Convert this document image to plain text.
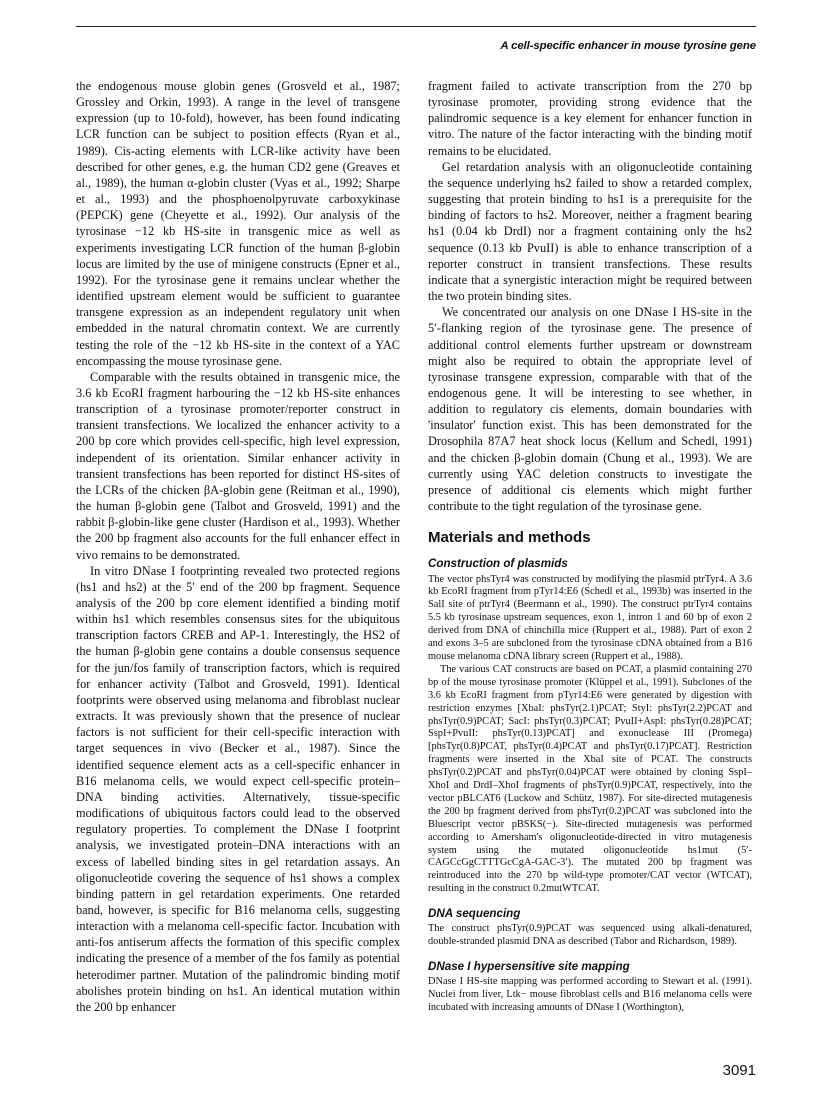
A cell-specific enhancer in mouse tyrosine gene

the endogenous mouse globin genes (Grosveld et al., 1987; Grossley and Orkin, 1993). A range in the level of transgene expression (up to 10-fold), however, has been found indicating LCR function can be subject to position effects (Ryan et al., 1989). Cis-acting elements with LCR-like activity have been described for other genes, e.g. the human CD2 gene (Greaves et al., 1989), the human α-globin cluster (Vyas et al., 1992; Sharpe et al., 1993) and the phosphoenolpyruvate carboxykinase (PEPCK) gene (Cheyette et al., 1992). Our analysis of the tyrosinase −12 kb HS-site in transgenic mice as well as experiments investigating LCR function of the human β-globin locus are limited by the use of minigene constructs (Epner et al., 1992). For the tyrosinase gene it remains unclear whether the identified upstream element would be sufficient to guarantee transgene expression as an independent regulatory unit when embedded in the natural chromatin context. We are currently testing the role of the −12 kb HS-site in the context of a YAC encompassing the mouse tyrosinase gene.

Comparable with the results obtained in transgenic mice, the 3.6 kb EcoRI fragment harbouring the −12 kb HS-site enhances transcription of a tyrosinase promoter/reporter construct in transient transfections. We localized the enhancer activity to a 200 bp core which provides cell-specific, high level expression, independent of its orientation. Similar enhancer activity in transient transfections has been reported for distinct HS-sites of the LCRs of the chicken βA-globin gene (Reitman et al., 1990), the human β-globin gene (Talbot and Grosveld, 1991) and the rabbit β-globin-like gene cluster (Hardison et al., 1993). Whether the 200 bp fragment also accounts for the full enhancer effect in vivo remains to be demonstrated.

In vitro DNase I footprinting revealed two protected regions (hs1 and hs2) at the 5′ end of the 200 bp fragment. Sequence analysis of the 200 bp core element identified a binding motif within hs1 which resembles consensus sites for the ubiquitous transcription factors CREB and AP-1. Interestingly, the HS2 of the human β-globin gene contains a double consensus sequence for the jun/fos family of transcription factors, which is required for enhancer activity (Talbot and Grosveld, 1991). Identical footprints were observed using melanoma and fibroblast nuclear extracts. It was previously shown that the presence of nuclear factors is not sufficient for their cell-specific interaction with target sequences in vivo (Becker et al., 1987). Since the identified sequence element acts as a cell-specific enhancer in B16 melanoma cells, we would expect cell-specific protein–DNA binding activities. Alternatively, tissue-specific modifications of ubiquitous factors could lead to the observed regulatory properties. To complement the DNase I footprint analysis, we investigated protein–DNA interactions with an excess of labelled binding sites in gel retardation assays. An oligonucleotide covering the sequence of hs1 shows a complex binding pattern in gel retardation experiments. One retarded band, however, is specific for B16 melanoma cells, suggesting interaction with a melanoma cell-specific factor. Incubation with anti-fos antiserum affects the formation of this specific complex indicating the presence of a member of the fos family as potential heterodimer partner. Mutation of the palindromic binding motif abolishes protein binding on hs1. An identical mutation within the 200 bp enhancer

fragment failed to activate transcription from the 270 bp tyrosinase promoter, providing strong evidence that the palindromic sequence is a key element for enhancer function in vitro. The nature of the factor interacting with the binding motif remains to be elucidated.

Gel retardation analysis with an oligonucleotide containing the sequence underlying hs2 failed to show a retarded complex, suggesting that protein binding to hs1 is a prerequisite for the binding of factors to hs2. Moreover, neither a fragment bearing hs1 (0.04 kb DrdI) nor a fragment containing only the hs2 sequence (0.13 kb PvuII) is able to enhance transcription of a reporter construct in transient transfections. These results indicate that a synergistic interaction might be required between the two protein binding sites.

We concentrated our analysis on one DNase I HS-site in the 5′-flanking region of the tyrosinase gene. The presence of additional control elements further upstream or downstream might also be required to obtain the appropriate level of tyrosinase transgene expression, comparable with that of the endogenous gene. It will be interesting to see whether, in addition to regulatory cis elements, domain boundaries with 'insulator' function exist. This has been demonstrated for the Drosophila 87A7 heat shock locus (Kellum and Schedl, 1991) and the chicken β-globin domain (Chung et al., 1993). We are currently using YAC deletion constructs to investigate the presence of additional cis elements which might further contribute to the tight regulation of the tyrosinase gene.

Materials and methods
Construction of plasmids

The vector phsTyr4 was constructed by modifying the plasmid ptrTyr4. A 3.6 kb EcoRI fragment from pTyr14:E6 (Schedl et al., 1993b) was inserted in the SalI site of ptrTyr4 (Beermann et al., 1990). The construct ptrTyr4 contains 5.5 kb tyrosinase upstream sequences, exon 1, intron 1 and 60 bp of exon 2 derived from DNA of chinchilla mice (Ruppert et al., 1988). Part of exon 2 and exons 3–5 are subcloned from the tyrosinase cDNA obtained from a B16 mouse melanoma cDNA library screen (Ruppert et al., 1988).

The various CAT constructs are based on PCAT, a plasmid containing 270 bp of the mouse tyrosinase promoter (Klüppel et al., 1991). Subclones of the 3.6 kb EcoRI fragment from pTyr14:E6 were generated by digestion with restriction enzymes [XbaI: phsTyr(2.1)PCAT; StyI: phsTyr(2.2)PCAT and phsTyr(0.9)PCAT; SacI: phsTyr(0.3)PCAT; PvuII+AspI: phsTyr(0.28)PCAT; SspI+PvuII: phsTyr(0.13)PCAT] and exonuclease III (Promega) [phsTyr(0.8)PCAT, phsTyr(0.4)PCAT and phsTyr(0.17)PCAT]. Restriction fragments were inserted in the XbaI site of PCAT. The constructs phsTyr(0.2)PCAT and phsTyr(0.04)PCAT were obtained by cloning SspI–XhoI and DrdI–XhoI fragments of phsTyr(0.9)PCAT, respectively, into the vector pBLCAT6 (Luckow and Schütz, 1987). For site-directed mutagenesis the 200 bp fragment derived from phsTyr(0.2)PCAT was subcloned into the Bluescript vector pBSKS(−). Site-directed mutagenesis was performed according to Amersham's oligonucleotide-directed in vitro mutagenesis system using the mutated oligonucleotide hs1mut (5′-CAGCcGgCTTTGcCgA-GAC-3′). The mutated 200 bp fragment was reintroduced into the 270 bp wild-type promoter/CAT vector (WTCAT), resulting in the construct 0.2mutWTCAT.

DNA sequencing

The construct phsTyr(0.9)PCAT was sequenced using alkali-denatured, double-stranded plasmid DNA as described (Tabor and Richardson, 1989).

DNase I hypersensitive site mapping

DNase I HS-site mapping was performed according to Stewart et al. (1991). Nuclei from liver, Ltk− mouse fibroblast cells and B16 melanoma cells were incubated with increasing amounts of DNase I (Worthington),

3091
